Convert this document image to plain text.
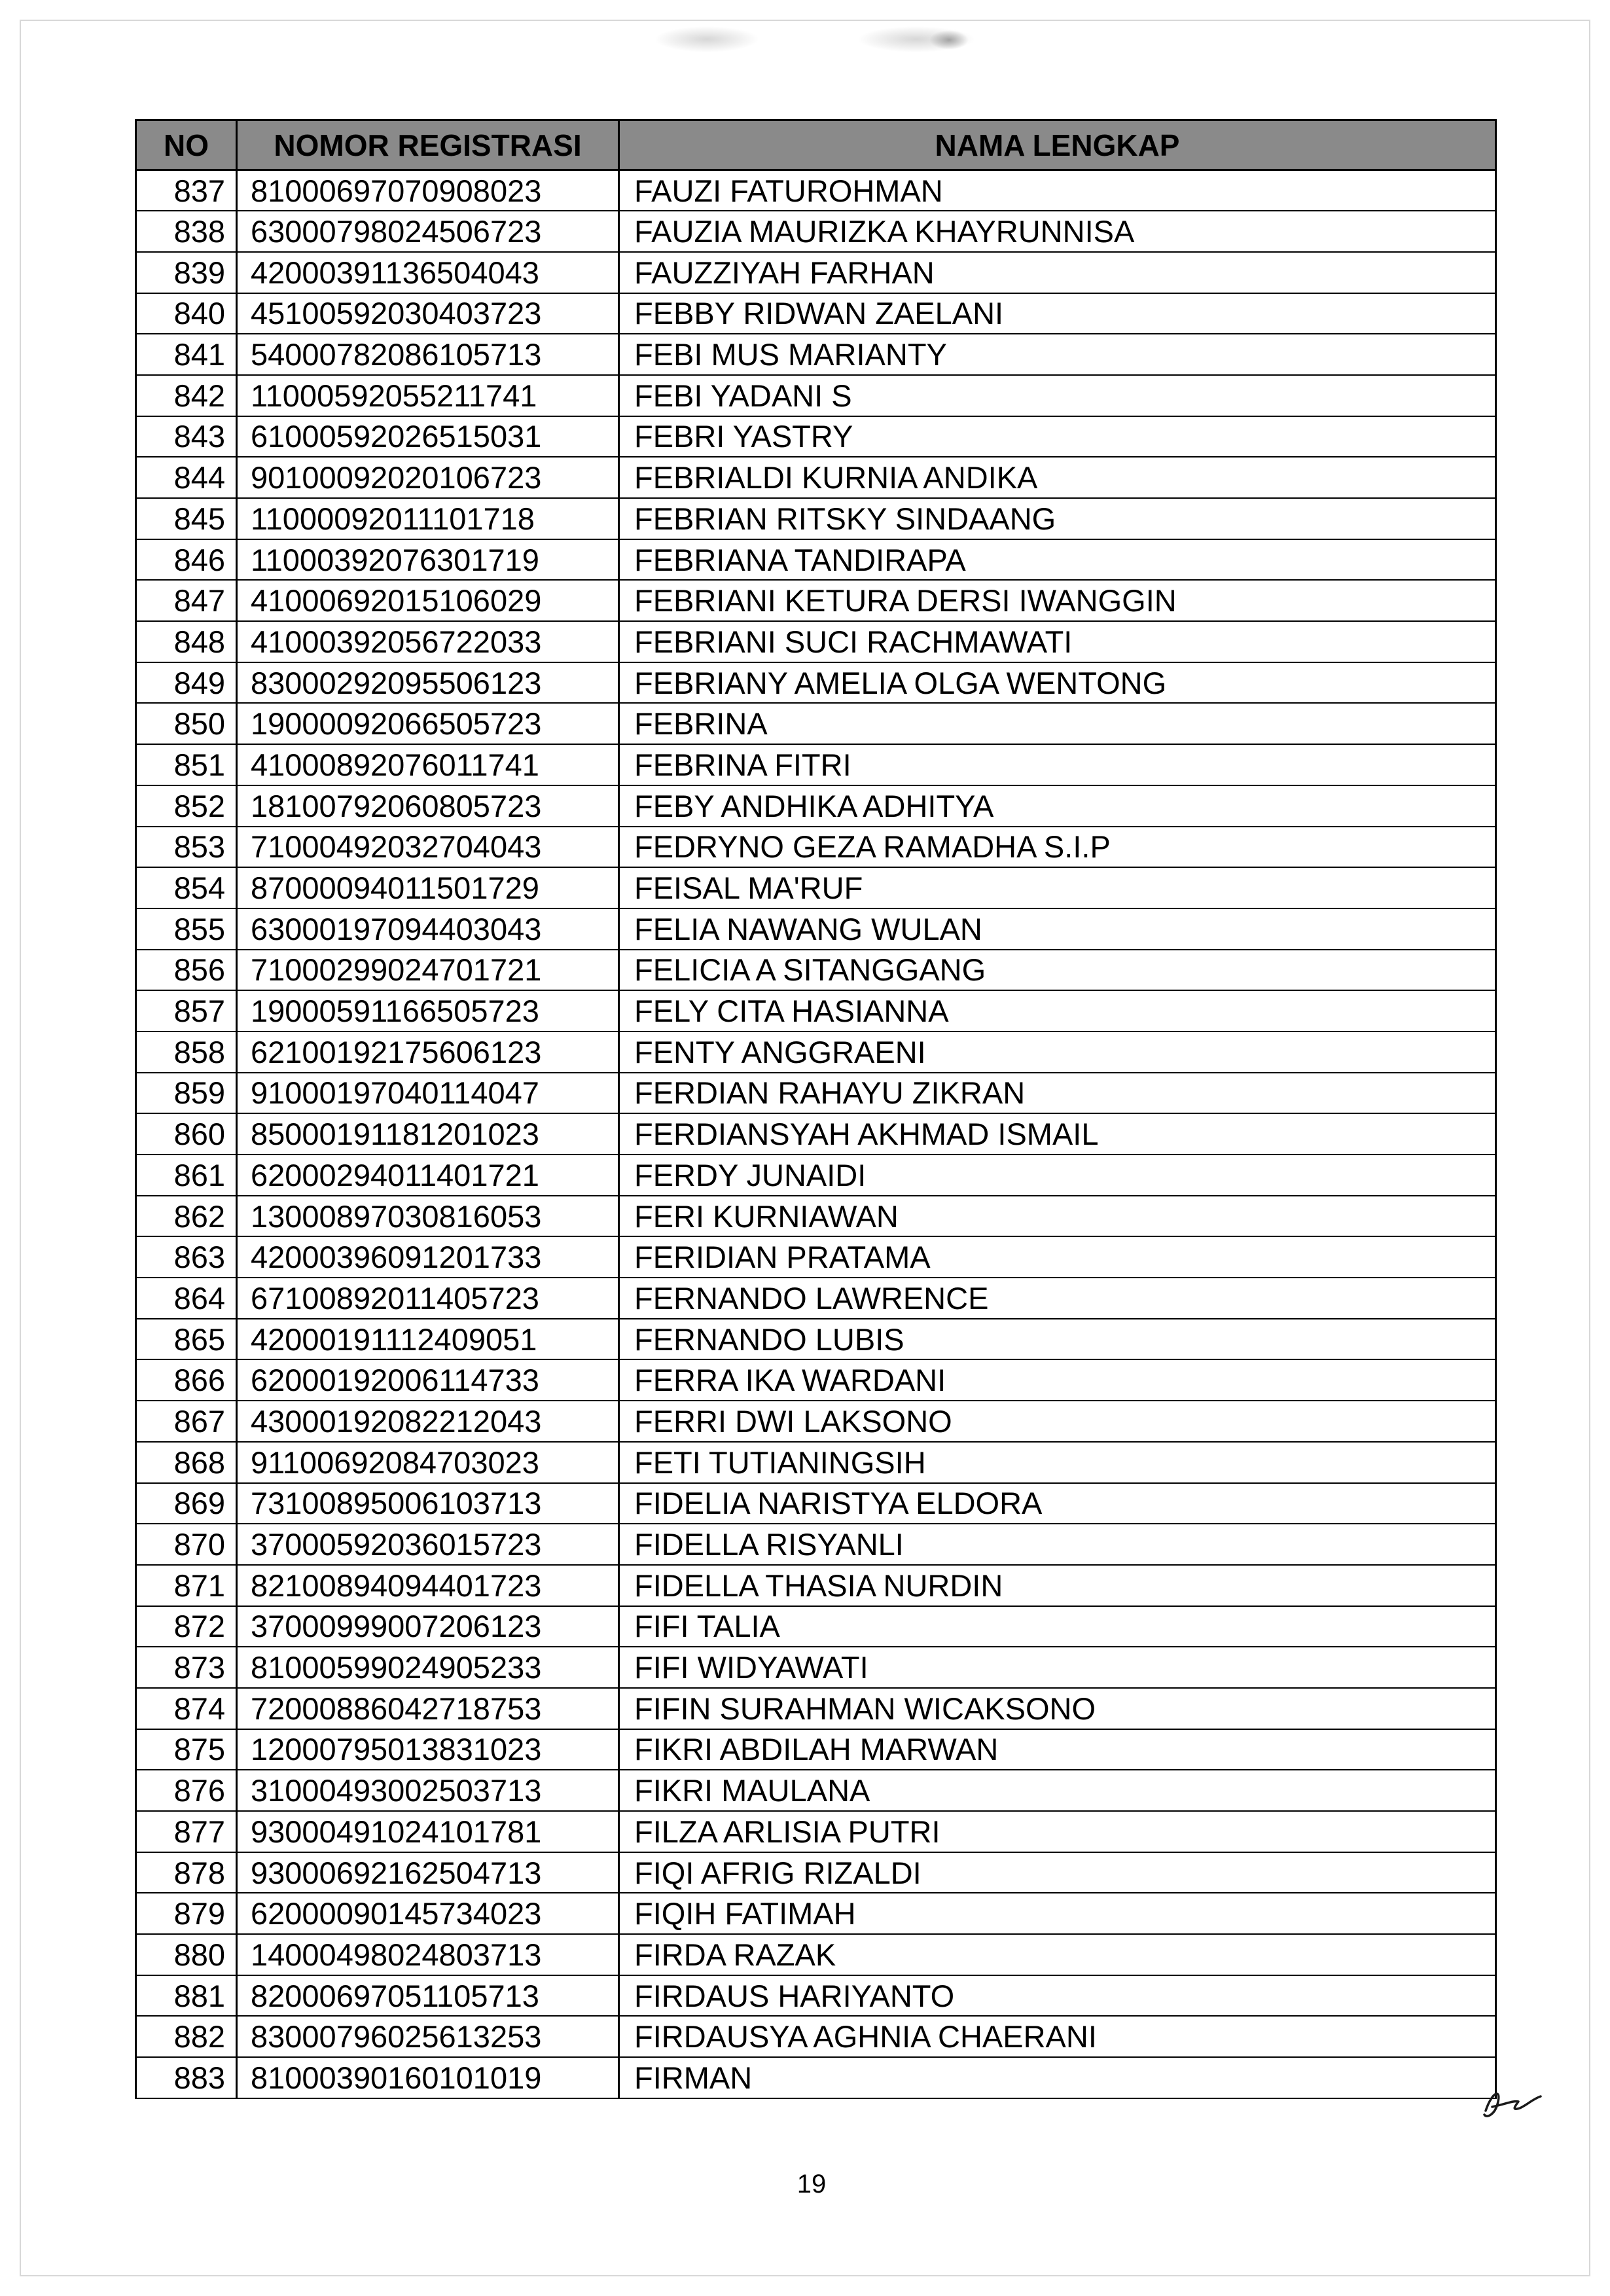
NO	NOMOR REGISTRASI	NAMA LENGKAP
837	81000697070908023	FAUZI FATUROHMAN
838	63000798024506723	FAUZIA MAURIZKA KHAYRUNNISA
839	42000391136504043	FAUZZIYAH FARHAN
840	45100592030403723	FEBBY RIDWAN ZAELANI
841	54000782086105713	FEBI MUS MARIANTY
842	11000592055211741	FEBI YADANI S
843	61000592026515031	FEBRI YASTRY
844	90100092020106723	FEBRIALDI KURNIA ANDIKA
845	11000092011101718	FEBRIAN RITSKY SINDAANG
846	11000392076301719	FEBRIANA TANDIRAPA
847	41000692015106029	FEBRIANI KETURA DERSI IWANGGIN
848	41000392056722033	FEBRIANI SUCI RACHMAWATI
849	83000292095506123	FEBRIANY AMELIA OLGA WENTONG
850	19000092066505723	FEBRINA
851	41000892076011741	FEBRINA FITRI
852	18100792060805723	FEBY ANDHIKA ADHITYA
853	71000492032704043	FEDRYNO GEZA RAMADHA S.I.P
854	87000094011501729	FEISAL MA'RUF
855	63000197094403043	FELIA NAWANG WULAN
856	71000299024701721	FELICIA A SITANGGANG
857	19000591166505723	FELY CITA HASIANNA
858	62100192175606123	FENTY ANGGRAENI
859	91000197040114047	FERDIAN RAHAYU ZIKRAN
860	85000191181201023	FERDIANSYAH AKHMAD ISMAIL
861	62000294011401721	FERDY JUNAIDI
862	13000897030816053	FERI KURNIAWAN
863	42000396091201733	FERIDIAN PRATAMA
864	67100892011405723	FERNANDO LAWRENCE
865	42000191112409051	FERNANDO LUBIS
866	62000192006114733	FERRA IKA WARDANI
867	43000192082212043	FERRI DWI LAKSONO
868	91100692084703023	FETI TUTIANINGSIH
869	73100895006103713	FIDELIA NARISTYA ELDORA
870	37000592036015723	FIDELLA RISYANLI
871	82100894094401723	FIDELLA THASIA NURDIN
872	37000999007206123	FIFI TALIA
873	81000599024905233	FIFI WIDYAWATI
874	72000886042718753	FIFIN SURAHMAN WICAKSONO
875	12000795013831023	FIKRI ABDILAH MARWAN
876	31000493002503713	FIKRI MAULANA
877	93000491024101781	FILZA ARLISIA PUTRI
878	93000692162504713	FIQI AFRIG RIZALDI
879	62000090145734023	FIQIH FATIMAH
880	14000498024803713	FIRDA RAZAK
881	82000697051105713	FIRDAUS HARIYANTO
882	83000796025613253	FIRDAUSYA AGHNIA CHAERANI
883	81000390160101019	FIRMAN
19
